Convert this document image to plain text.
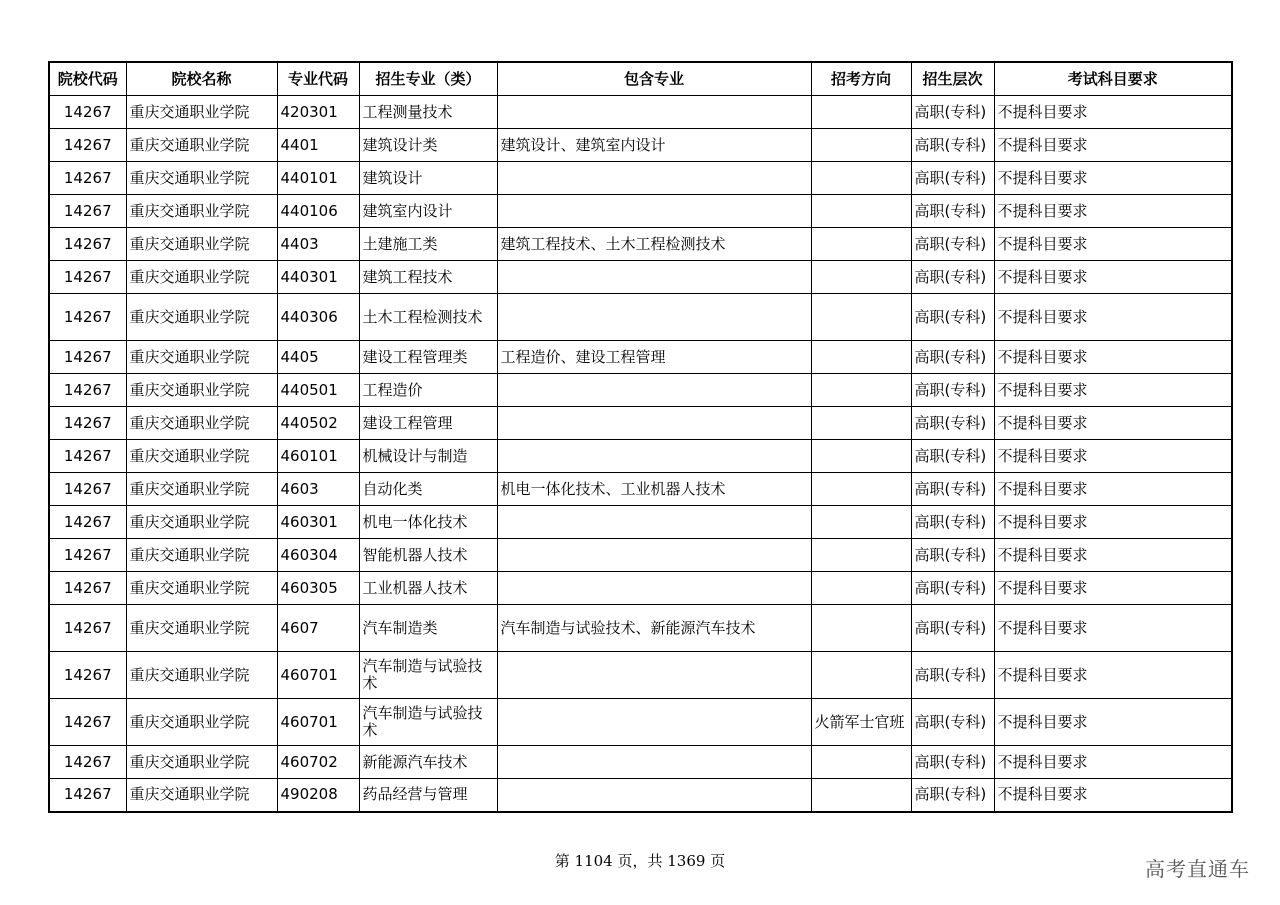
院校代码	院校名称	专业代码	招生专业（类）	包含专业	招考方向	招生层次	考试科目要求
14267	重庆交通职业学院	420301	工程测量技术			高职(专科)	不提科目要求
14267	重庆交通职业学院	4401	建筑设计类	建筑设计、建筑室内设计		高职(专科)	不提科目要求
14267	重庆交通职业学院	440101	建筑设计			高职(专科)	不提科目要求
14267	重庆交通职业学院	440106	建筑室内设计			高职(专科)	不提科目要求
14267	重庆交通职业学院	4403	土建施工类	建筑工程技术、土木工程检测技术		高职(专科)	不提科目要求
14267	重庆交通职业学院	440301	建筑工程技术			高职(专科)	不提科目要求
14267	重庆交通职业学院	440306	土木工程检测技术			高职(专科)	不提科目要求
14267	重庆交通职业学院	4405	建设工程管理类	工程造价、建设工程管理		高职(专科)	不提科目要求
14267	重庆交通职业学院	440501	工程造价			高职(专科)	不提科目要求
14267	重庆交通职业学院	440502	建设工程管理			高职(专科)	不提科目要求
14267	重庆交通职业学院	460101	机械设计与制造			高职(专科)	不提科目要求
14267	重庆交通职业学院	4603	自动化类	机电一体化技术、工业机器人技术		高职(专科)	不提科目要求
14267	重庆交通职业学院	460301	机电一体化技术			高职(专科)	不提科目要求
14267	重庆交通职业学院	460304	智能机器人技术			高职(专科)	不提科目要求
14267	重庆交通职业学院	460305	工业机器人技术			高职(专科)	不提科目要求
14267	重庆交通职业学院	4607	汽车制造类	汽车制造与试验技术、新能源汽车技术		高职(专科)	不提科目要求
14267	重庆交通职业学院	460701	汽车制造与试验技术			高职(专科)	不提科目要求
14267	重庆交通职业学院	460701	汽车制造与试验技术		火箭军士官班	高职(专科)	不提科目要求
14267	重庆交通职业学院	460702	新能源汽车技术			高职(专科)	不提科目要求
14267	重庆交通职业学院	490208	药品经营与管理			高职(专科)	不提科目要求
第 1104 页，共 1369 页	高考直通车
